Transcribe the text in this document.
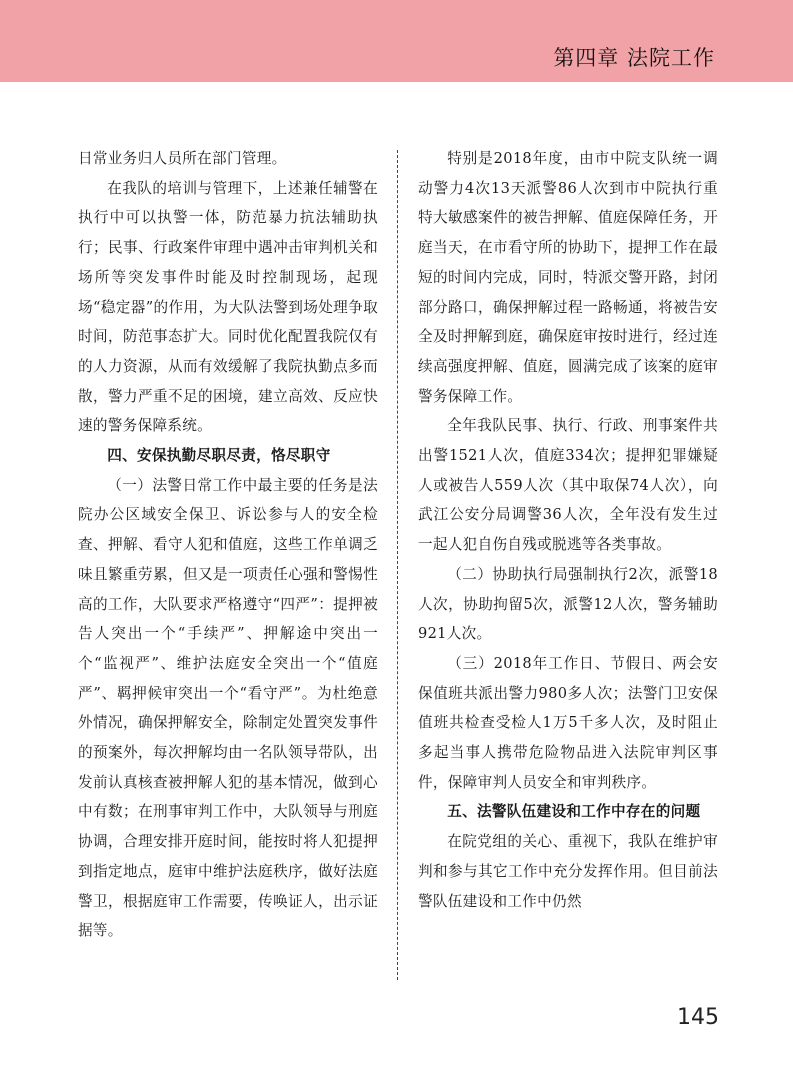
第四章 法院工作

日常业务归人员所在部门管理。

在我队的培训与管理下，上述兼任辅警在执行中可以执警一体，防范暴力抗法辅助执行；民事、行政案件审理中遇冲击审判机关和场所等突发事件时能及时控制现场，起现场“稳定器”的作用，为大队法警到场处理争取时间，防范事态扩大。同时优化配置我院仅有的人力资源，从而有效缓解了我院执勤点多而散，警力严重不足的困境，建立高效、反应快速的警务保障系统。

四、安保执勤尽职尽责，恪尽职守

（一）法警日常工作中最主要的任务是法院办公区域安全保卫、诉讼参与人的安全检查、押解、看守人犯和值庭，这些工作单调乏味且繁重劳累，但又是一项责任心强和警惕性高的工作，大队要求严格遵守“四严”：提押被告人突出一个“手续严”、押解途中突出一个“监视严”、维护法庭安全突出一个“值庭严”、羁押候审突出一个“看守严”。为杜绝意外情况，确保押解安全，除制定处置突发事件的预案外，每次押解均由一名队领导带队，出发前认真核查被押解人犯的基本情况，做到心中有数；在刑事审判工作中，大队领导与刑庭协调，合理安排开庭时间，能按时将人犯提押到指定地点，庭审中维护法庭秩序，做好法庭警卫，根据庭审工作需要，传唤证人，出示证据等。

特别是2018年度，由市中院支队统一调动警力4次13天派警86人次到市中院执行重特大敏感案件的被告押解、值庭保障任务，开庭当天，在市看守所的协助下，提押工作在最短的时间内完成，同时，特派交警开路，封闭部分路口，确保押解过程一路畅通，将被告安全及时押解到庭，确保庭审按时进行，经过连续高强度押解、值庭，圆满完成了该案的庭审警务保障工作。

全年我队民事、执行、行政、刑事案件共出警1521人次，值庭334次；提押犯罪嫌疑人或被告人559人次（其中取保74人次），向武江公安分局调警36人次，全年没有发生过一起人犯自伤自残或脱逃等各类事故。

（二）协助执行局强制执行2次，派警18人次，协助拘留5次，派警12人次，警务辅助921人次。

（三）2018年工作日、节假日、两会安保值班共派出警力980多人次；法警门卫安保值班共检查受检人1万5千多人次，及时阻止多起当事人携带危险物品进入法院审判区事件，保障审判人员安全和审判秩序。

五、法警队伍建设和工作中存在的问题

在院党组的关心、重视下，我队在维护审判和参与其它工作中充分发挥作用。但目前法警队伍建设和工作中仍然

145
